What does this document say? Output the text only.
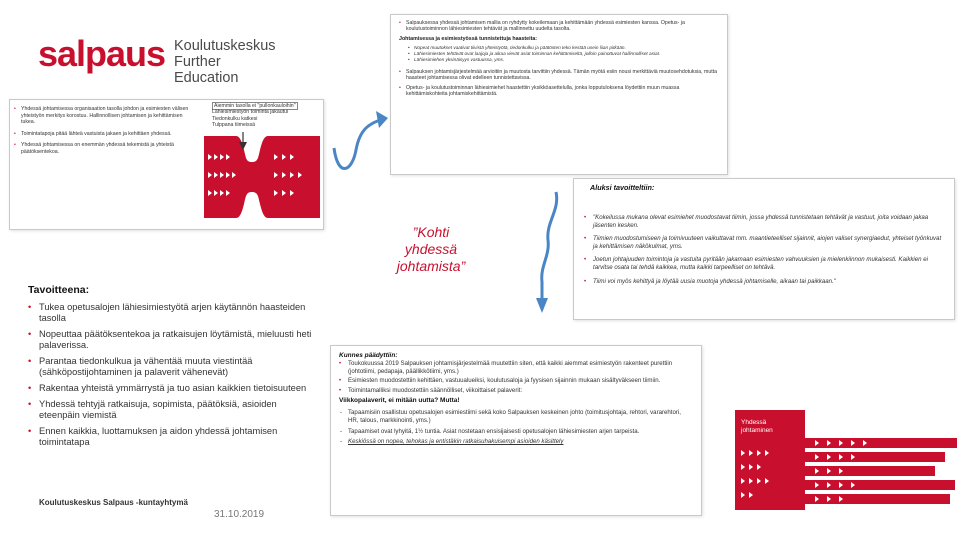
salpaus Koulutuskeskus
Further Education
• Yhdessä johtamisessa organisaation tasolla johdon ja esimiesten välisen yhteistyön merkitys korostuu. Hallinnollisen johtamisen ja kehittämisen tukea.
• Toimintatapoja pitää lähteä vastuista jakaen ja kehittäen yhdessä.
• Yhdessä johtamisessa on enemmän yhdessä tekemistä ja yhteistä päätöksentekoa.
Aiemmin tasolla ei "pullonkauloihin"
Lähiesimiestyön toiminta jakautui
Tiedonkulku katkesi
Tulppana tiimeissä
• Salpauksessa yhdessä johtamisen mallia on ryhdytty kokeilemaan ja kehittämään yhdessä esimiesten kanssa. Opetus- ja koulutustoiminnon lähiesimiesten tehtävät ja mallinnettu uudelta tasolta.
Johtamisessa ja esimiestyössä tunnistettuja haasteita:
• Nopeat muutokset vaativat tiivistä yhteistyötä, tiedonkulku ja päätösten teko kestää usein liian pitkään.
• Lähiesimiesten tehtävät ovat laajoja ja aikaa vievät asiat toiminnan kehittämiseltä, jolloin painottuvat hallinnolliset asiat.
• Lähiesimiehen yksinäisyys vastuussa, yms.
• Salpauksen johtamisjärjestelmää arvioitiin ja muutosta tarvittiin yhdessä. Tämän myötä esiin nousi merkittäviä muutosehdotuksia, mutta haasteet johtamisessa olivat edelleen tunnistettavissa.
• Opetus- ja koulutustoiminnan lähiesimiehet haastettiin yksikköasettelulla, jonka lopputuloksena löydettiin muun muassa kehittämiskohteita johtamiskehittämistä.
Aluksi tavoitteltiin:
• "Kokeilussa mukana olevat esimiehet muodostavat tiimin, jossa yhdessä tunnistetaan tehtävät ja vastuut, joita voidaan jakaa jäsenten kesken.
• Tiimien muodostumiseen ja toimivuuteen vaikuttavat mm. maantieteelliset sijainnit, aiojen valiset synergiaedut, yhteiset työnkuvat ja kehittämisen näkökulmat, yms.
• Joetun johtajuuden toimintoja ja vastuita pyritään jakamaan esimiesten vahvuuksien ja mielenkiinnon mukaisesti. Kaikkien ei tarvitse osata tai tehdä kaikkea, mutta kaikki tarpeelliset on tehtävä.
• Tiimi voi myös kehittyä ja löytää uusia muotoja yhdessä johtamiselle, aikaan tai paikkaan."
Kunnes päädyttiin:
• Toukokuussa 2019 Salpauksen johtamisjärjestelmää muutettiin siten, että kaikki aiemmat esimiestyön rakenteet purettiin (johtotiimi, pedapaja, päällikkötiimi, yms.)
• Esimiesten muodostettiin kehittäen, vastuualueiksi, koulutusaloja ja fyysisen sijainnin mukaan sisältyväkseen tiimiin.
• Toimintamalliksi muodostettiin säännölliset, viikoittaiset palaverit:
Viikkopalaverit, ei mitään uutta? Mutta!
- Tapaamisiin osallistuu opetusalojen esimiestiimi sekä koko Salpauksen keskeinen johto (toimitusjohtaja, rehtori, vararehtori, HR, talous, markkinointi, yms.)
- Tapaamiset ovat lyhyitä, 1½ tuntia. Asiat nostetaan ensisijaisesti opetusalojen lähiesimiesten arjen tarpeista.
- Keskiössä on nopea, tehokas ja entistäkin ratkaisuhakuisempi asioiden käsittely
Tavoitteena:
• Tukea opetusalojen lähiesimiestyötä arjen käytännön haasteiden tasolla
• Nopeuttaa päätöksentekoa ja ratkaisujen löytämistä, mieluusti heti palaverissa.
• Parantaa tiedonkulkua ja vähentää muuta viestintää (sähköpostijohtaminen ja palaverit vähenevät)
• Rakentaa yhteistä ymmärrystä ja tuo asian kaikkien tietoisuuteen
• Yhdessä tehtyjä ratkaisuja, sopimista, päätöksiä, asioiden eteenpäin viemistä
• Ennen kaikkia, luottamuksen ja aidon yhdessä johtamisen toimintatapa
”Kohti
yhdessä
johtamista”
Yhdessä
johtaminen
Koulutuskeskus Salpaus -kuntayhtymä
31.10.2019
